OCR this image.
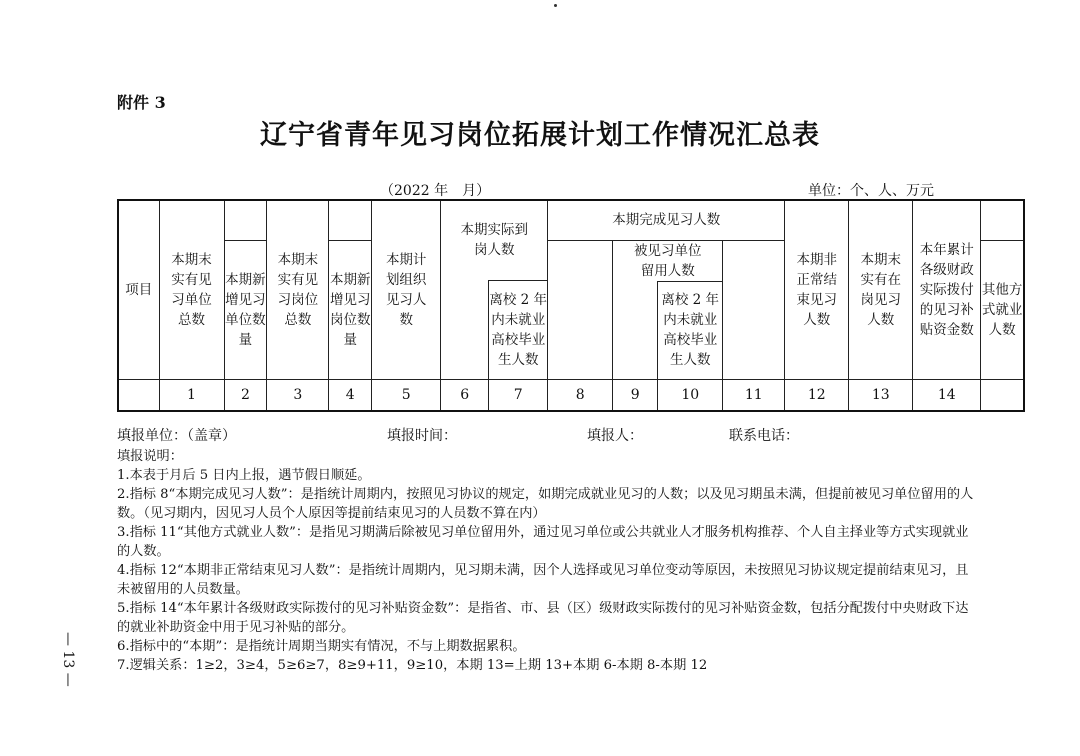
附件 3
辽宁省青年见习岗位拓展计划工作情况汇总表
（2022 年　月）	单位：个、人、万元
项目	本期末实有见习单位总数		本期末实有见习岗位总数		本期计划组织见习人数	本期实际到岗人数		本期完成见习人数				本期非正常结束见习人数	本期末实有在岗见习人数	本年累计各级财政实际拨付的见习补贴资金数	
		本期新增见习单位数量		本期新增见习岗位数量					被见习单位留用人数						其他方式就业人数
							离校 2 年内未就业高校毕业生人数								
										离校 2 年内未就业高校毕业生人数					
	1	2	3	4	5	6	7	8	9	10	11	12	13	14	
填报单位：（盖章）	填报时间：	填报人：	联系电话：
填报说明：
1.本表于月后 5 日内上报，遇节假日顺延。
2.指标 8“本期完成见习人数”：是指统计周期内，按照见习协议的规定，如期完成就业见习的人数；以及见习期虽未满，但提前被见习单位留用的人数。（见习期内，因见习人员个人原因等提前结束见习的人员数不算在内）
3.指标 11“其他方式就业人数”：是指见习期满后除被见习单位留用外，通过见习单位或公共就业人才服务机构推荐、个人自主择业等方式实现就业的人数。
4.指标 12“本期非正常结束见习人数”：是指统计周期内，见习期未满，因个人选择或见习单位变动等原因，未按照见习协议规定提前结束见习，且未被留用的人员数量。
5.指标 14“本年累计各级财政实际拨付的见习补贴资金数”：是指省、市、县（区）级财政实际拨付的见习补贴资金数，包括分配拨付中央财政下达的就业补助资金中用于见习补贴的部分。
6.指标中的“本期”：是指统计周期当期实有情况，不与上期数据累积。
7.逻辑关系：1≥2，3≥4，5≥6≥7，8≥9+11，9≥10，本期 13=上期 13+本期 6-本期 8-本期 12
— 13 —
